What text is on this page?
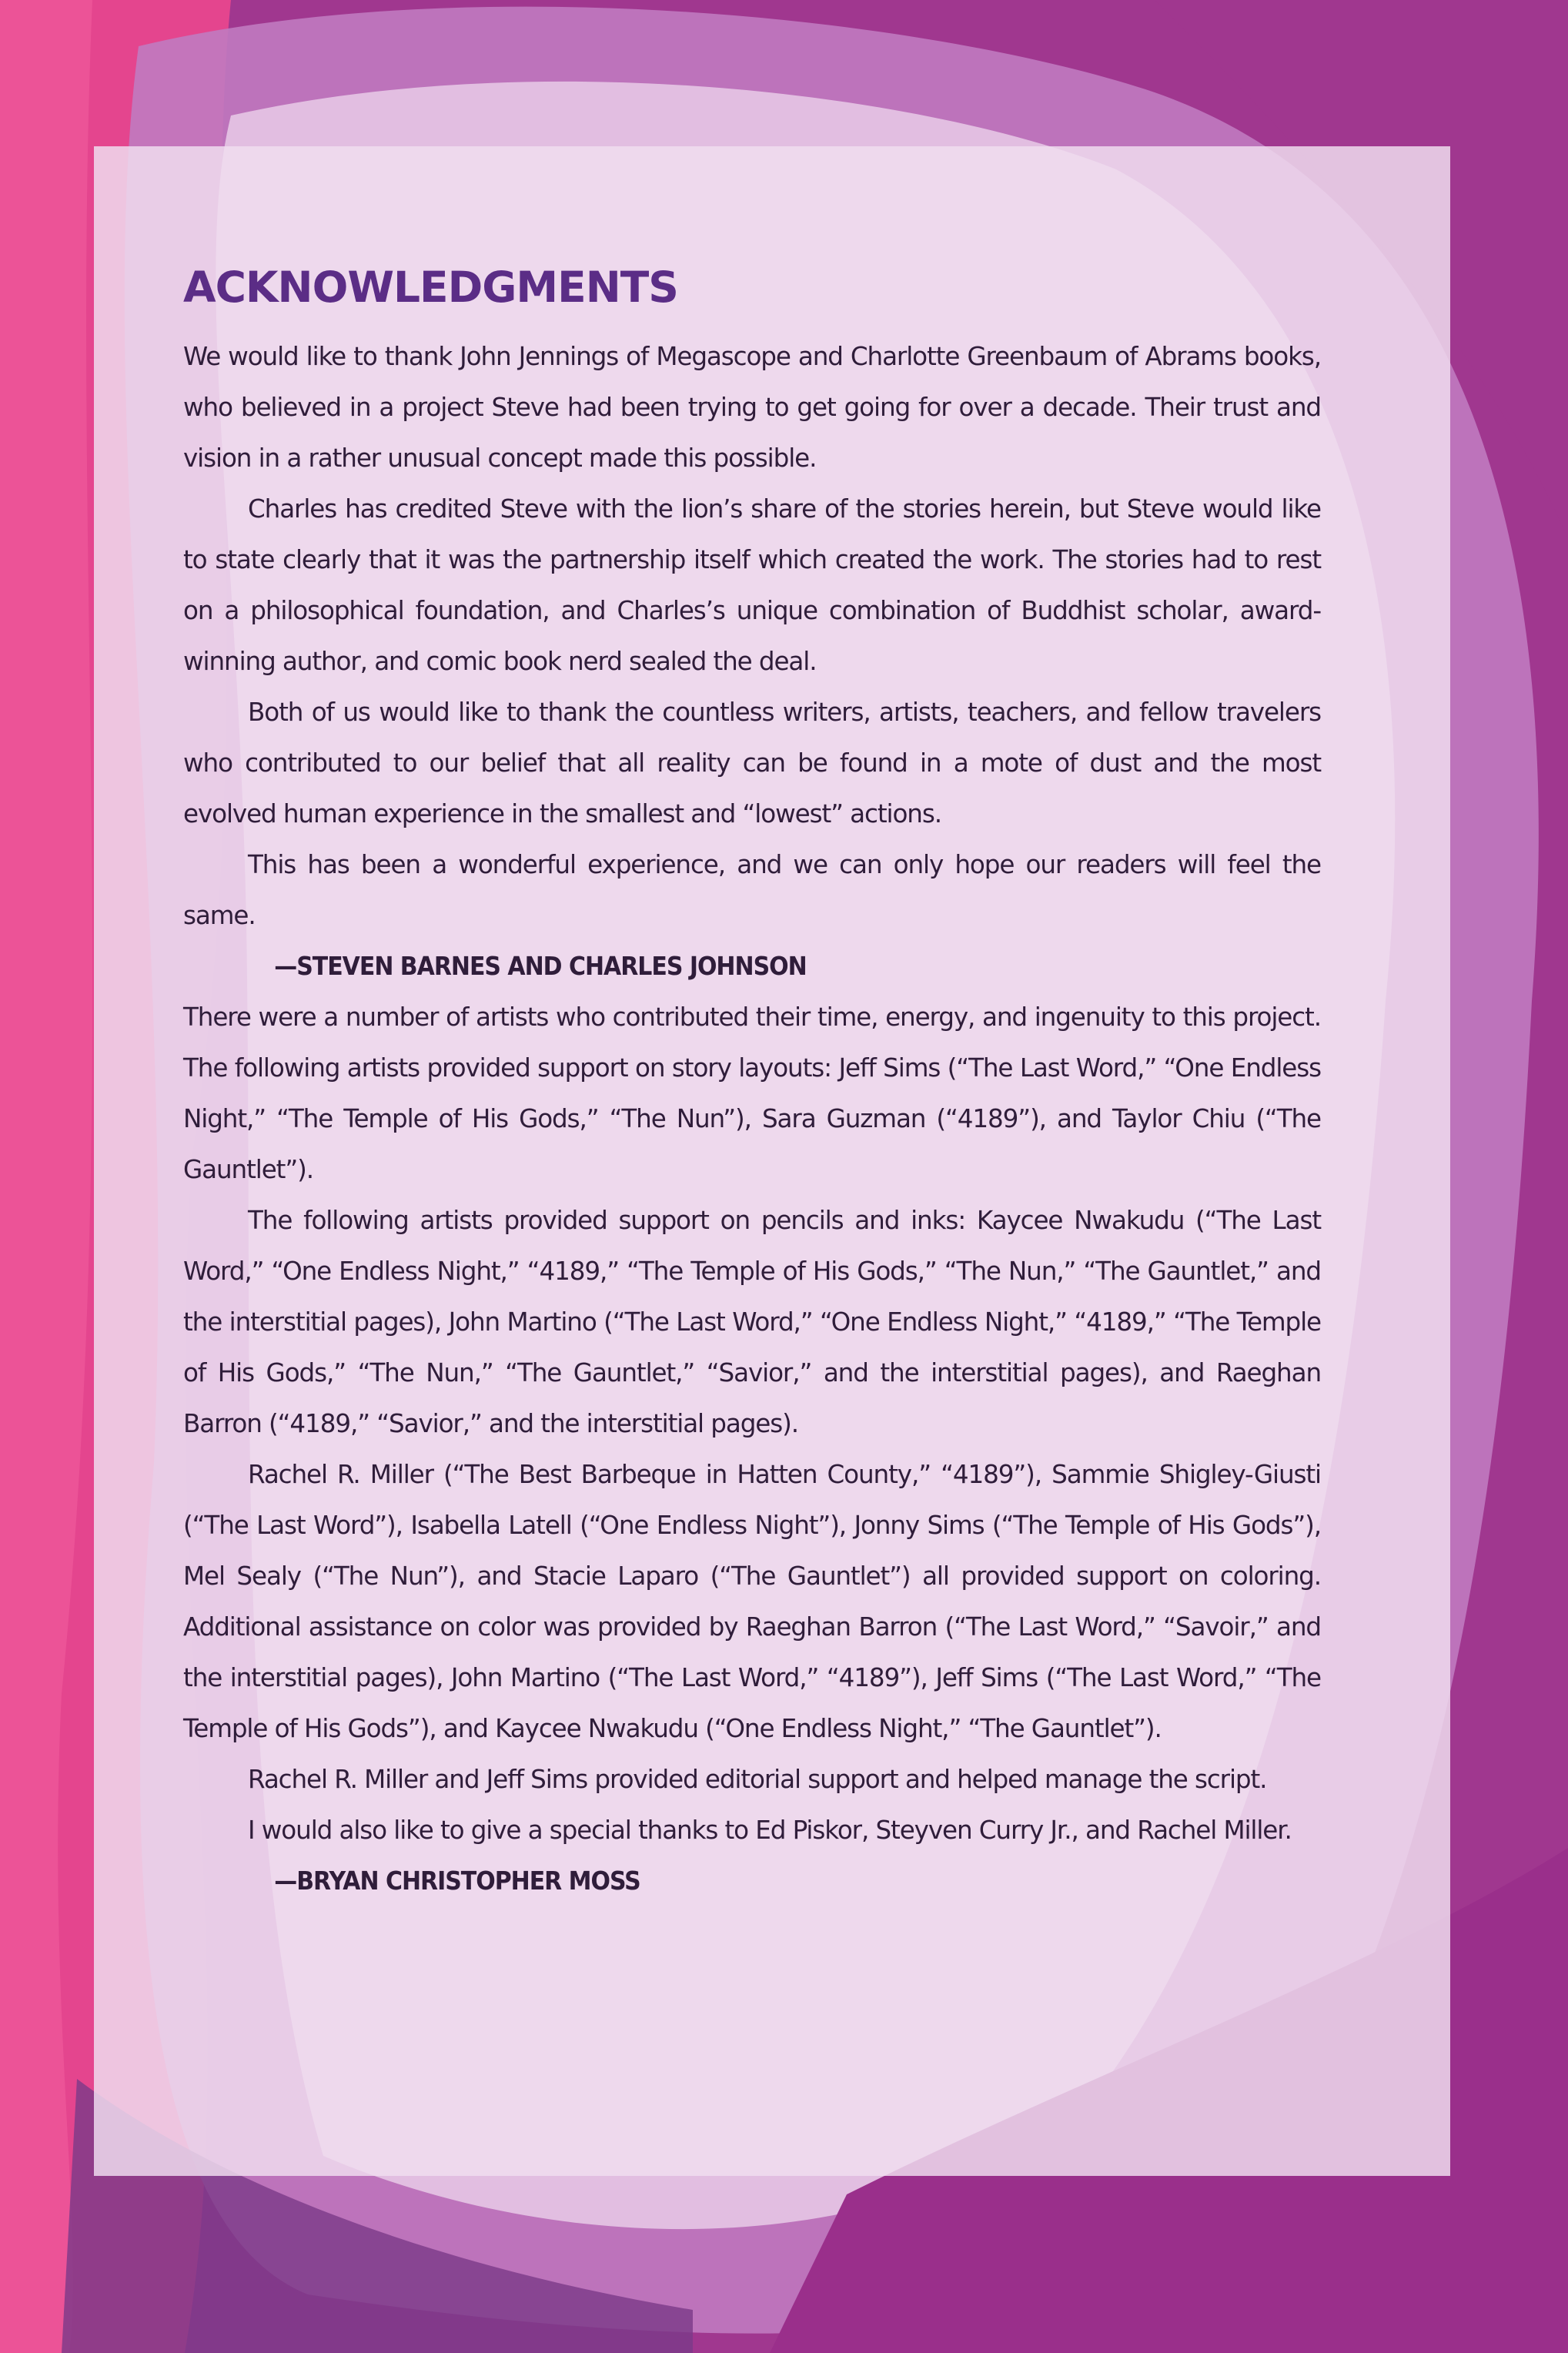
ACKNOWLEDGMENTS

We would like to thank John Jennings of Megascope and Charlotte Greenbaum of Abrams books, who believed in a project Steve had been trying to get going for over a decade. Their trust and vision in a rather unusual concept made this possible.

Charles has credited Steve with the lion’s share of the stories herein, but Steve would like to state clearly that it was the partnership itself which created the work. The stories had to rest on a philosophical foundation, and Charles’s unique combination of Buddhist scholar, award-winning author, and comic book nerd sealed the deal.

Both of us would like to thank the countless writers, artists, teachers, and fellow travelers who contributed to our belief that all reality can be found in a mote of dust and the most evolved human experience in the smallest and “lowest” actions.

This has been a wonderful experience, and we can only hope our readers will feel the same.

—STEVEN BARNES AND CHARLES JOHNSON

There were a number of artists who contributed their time, energy, and ingenuity to this project. The following artists provided support on story layouts: Jeff Sims (“The Last Word,” “One Endless Night,” “The Temple of His Gods,” “The Nun”), Sara Guzman (“4189”), and Taylor Chiu (“The Gauntlet”).

The following artists provided support on pencils and inks: Kaycee Nwakudu (“The Last Word,” “One Endless Night,” “4189,” “The Temple of His Gods,” “The Nun,” “The Gauntlet,” and the interstitial pages), John Martino (“The Last Word,” “One Endless Night,” “4189,” “The Temple of His Gods,” “The Nun,” “The Gauntlet,” “Savior,” and the interstitial pages), and Raeghan Barron (“4189,” “Savior,” and the interstitial pages).

Rachel R. Miller (“The Best Barbeque in Hatten County,” “4189”), Sammie Shigley-Giusti (“The Last Word”), Isabella Latell (“One Endless Night”), Jonny Sims (“The Temple of His Gods”), Mel Sealy (“The Nun”), and Stacie Laparo (“The Gauntlet”) all provided support on coloring. Additional assistance on color was provided by Raeghan Barron (“The Last Word,” “Savoir,” and the interstitial pages), John Martino (“The Last Word,” “4189”), Jeff Sims (“The Last Word,” “The Temple of His Gods”), and Kaycee Nwakudu (“One Endless Night,” “The Gauntlet”).

Rachel R. Miller and Jeff Sims provided editorial support and helped manage the script.

I would also like to give a special thanks to Ed Piskor, Steyven Curry Jr., and Rachel Miller.

—BRYAN CHRISTOPHER MOSS
